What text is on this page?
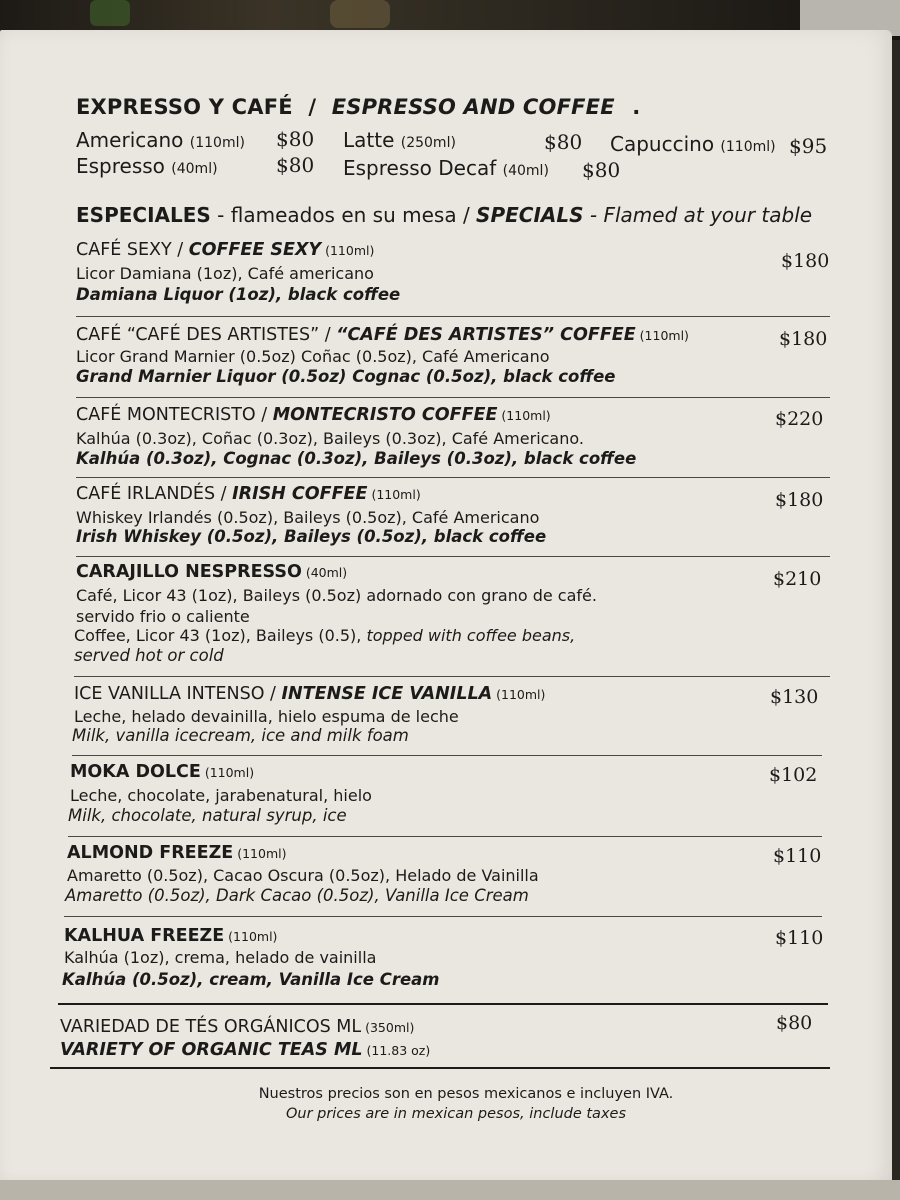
EXPRESSO Y CAFÉ / ESPRESSO AND COFFEE .
Americano (110ml) $80 Latte (250ml)	$80 Capuccino (110ml) $95
Espresso (40ml)	$80 Espresso Decaf (40ml) $80
ESPECIALES - flameados en su mesa / SPECIALS - Flamed at your table
CAFÉ SEXY / COFFEE SEXY (110ml)
Licor Damiana (1oz), Café americano
Damiana Liquor (1oz), black coffee
$180
CAFÉ “CAFÉ DES ARTISTES” / “CAFÉ DES ARTISTES” COFFEE (110ml)
Licor Grand Marnier (0.5oz) Coñac (0.5oz), Café Americano
Grand Marnier Liquor (0.5oz) Cognac (0.5oz), black coffee
$180
CAFÉ MONTECRISTO / MONTECRISTO COFFEE (110ml)
Kalhúa (0.3oz), Coñac (0.3oz), Baileys (0.3oz), Café Americano.
Kalhúa (0.3oz), Cognac (0.3oz), Baileys (0.3oz), black coffee
$220
CAFÉ IRLANDÉS / IRISH COFFEE (110ml)
Whiskey Irlandés (0.5oz), Baileys (0.5oz), Café Americano
Irish Whiskey (0.5oz), Baileys (0.5oz), black coffee
$180
CARAJILLO NESPRESSO (40ml)
Café, Licor 43 (1oz), Baileys (0.5oz) adornado con grano de café.
servido frio o caliente
Coffee, Licor 43 (1oz), Baileys (0.5), topped with coffee beans,
served hot or cold
$210
ICE VANILLA INTENSO / INTENSE ICE VANILLA (110ml)
Leche, helado devainilla, hielo espuma de leche
Milk, vanilla icecream, ice and milk foam
$130
MOKA DOLCE (110ml)
Leche, chocolate, jarabenatural, hielo
Milk, chocolate, natural syrup, ice
$102
ALMOND FREEZE (110ml)
Amaretto (0.5oz), Cacao Oscura (0.5oz), Helado de Vainilla
Amaretto (0.5oz), Dark Cacao (0.5oz), Vanilla Ice Cream
$110
KALHUA FREEZE (110ml)
Kalhúa (1oz), crema, helado de vainilla
Kalhúa (0.5oz), cream, Vanilla Ice Cream
$110
VARIEDAD DE TÉS ORGÁNICOS ML (350ml)
VARIETY OF ORGANIC TEAS ML (11.83 oz)
$80
Nuestros precios son en pesos mexicanos e incluyen IVA.
Our prices are in mexican pesos, include taxes
